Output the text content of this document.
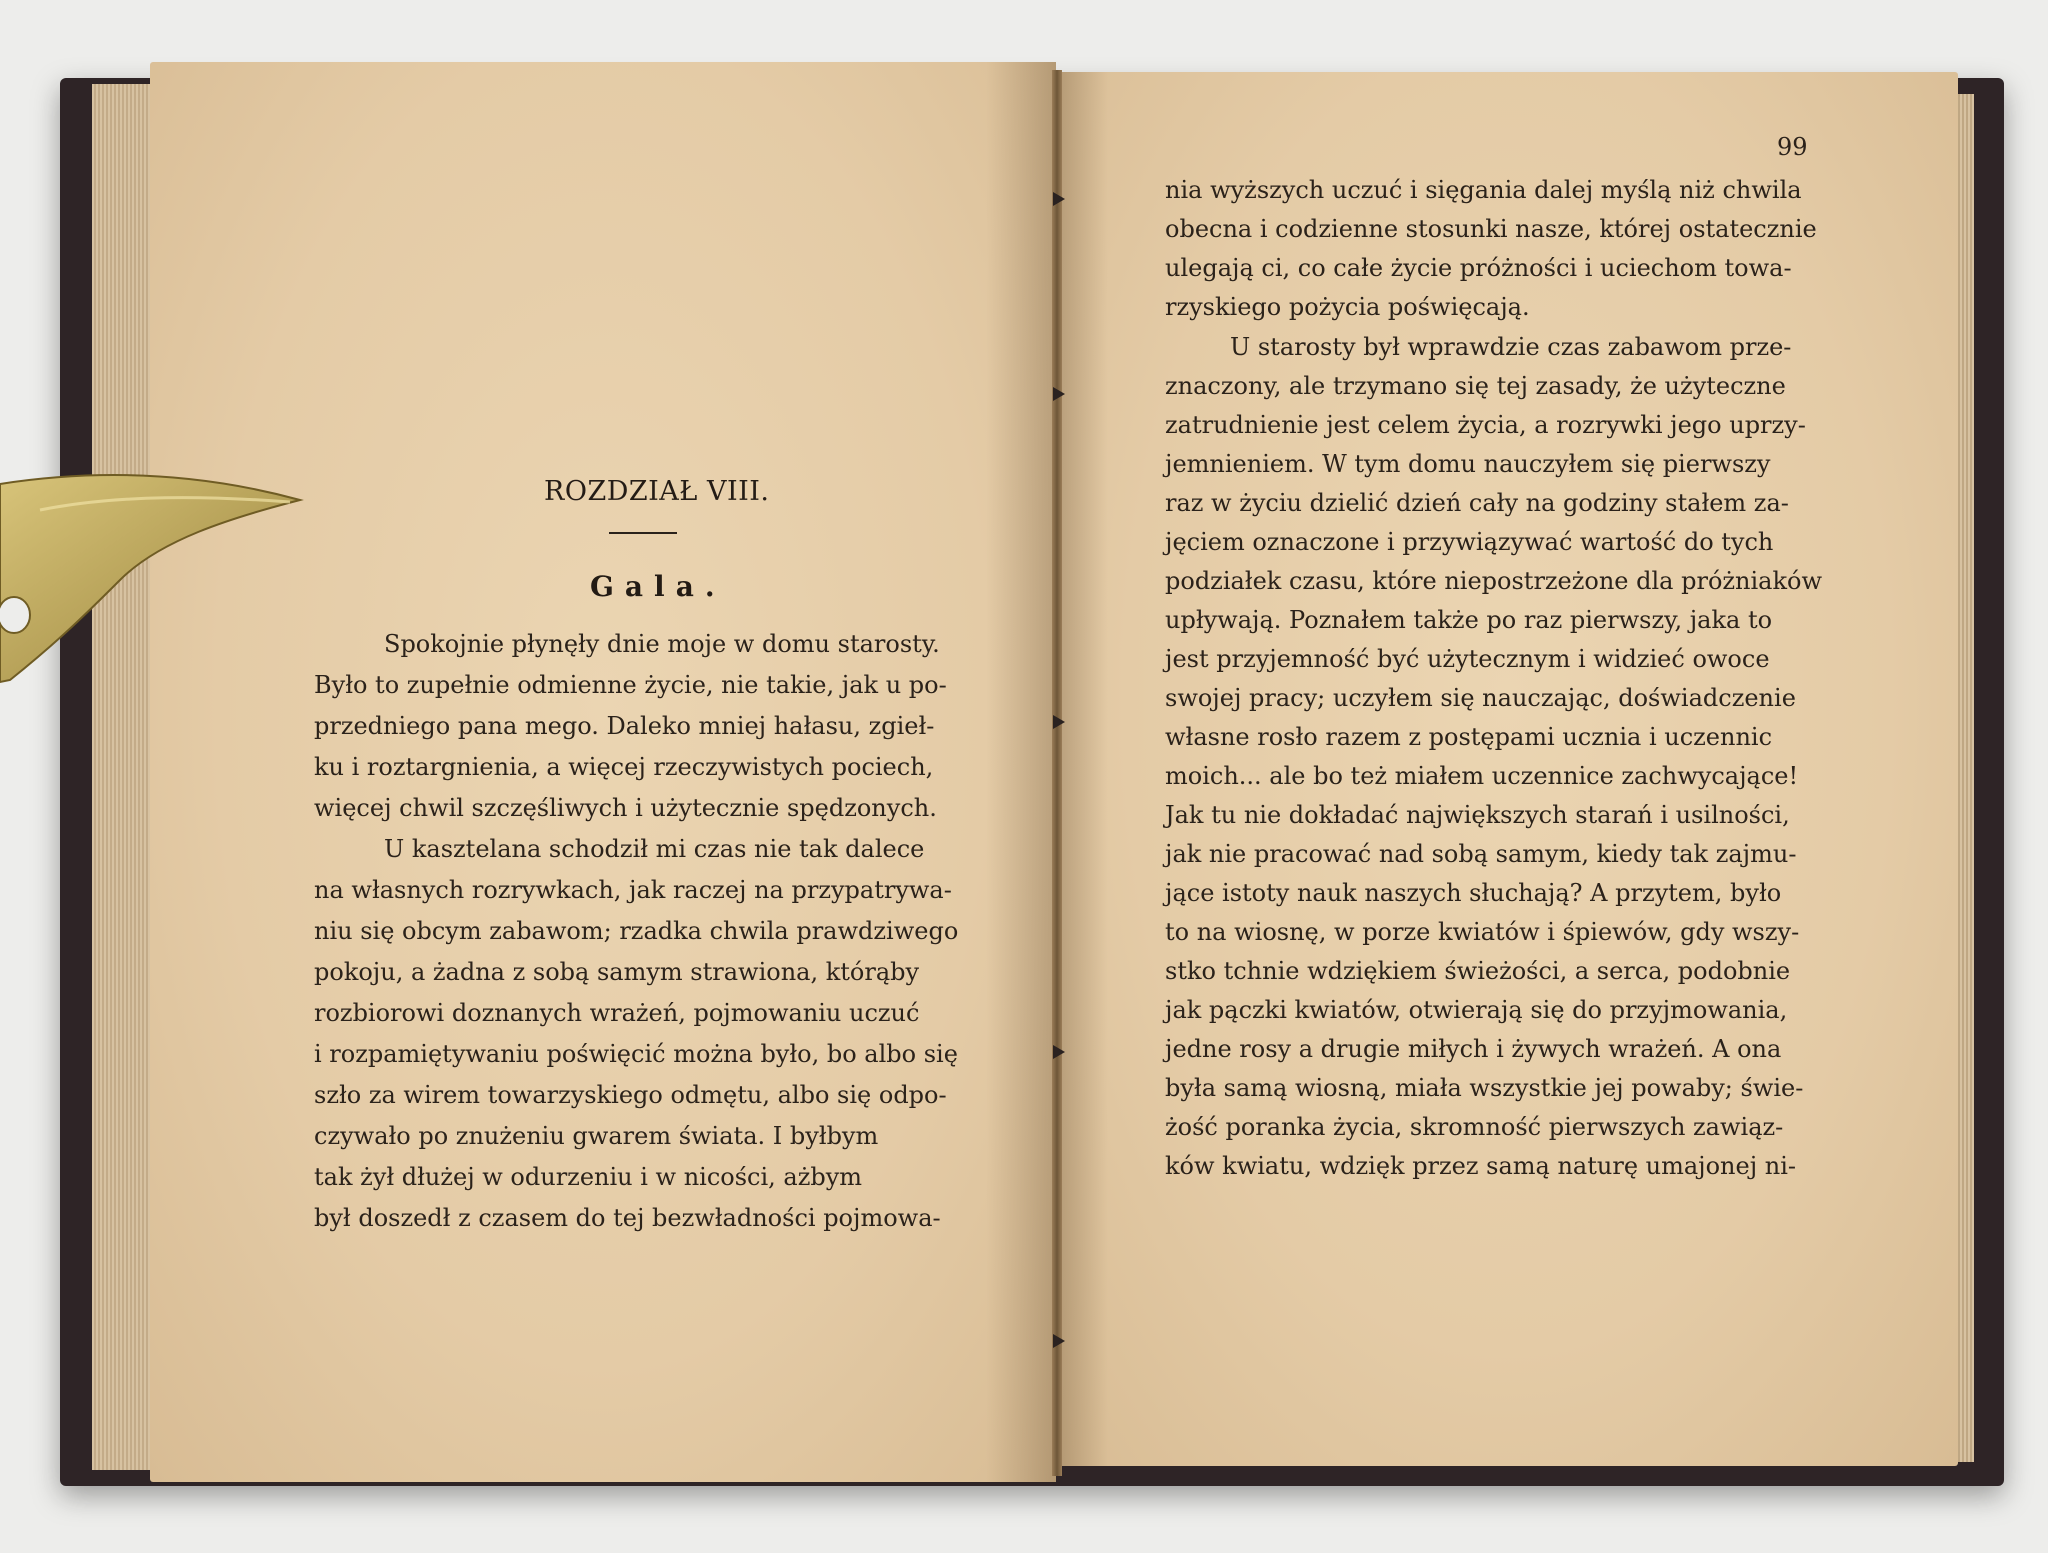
ROZDZIAŁ VIII.
Gala.
Spokojnie płynęły dnie moje w domu starosty.
Było to zupełnie odmienne życie, nie takie, jak u po-
przedniego pana mego. Daleko mniej hałasu, zgieł-
ku i roztargnienia, a więcej rzeczywistych pociech,
więcej chwil szczęśliwych i użytecznie spędzonych.
U kasztelana schodził mi czas nie tak dalece
na własnych rozrywkach, jak raczej na przypatrywa-
niu się obcym zabawom; rzadka chwila prawdziwego
pokoju, a żadna z sobą samym strawiona, którąby
rozbiorowi doznanych wrażeń, pojmowaniu uczuć
i rozpamiętywaniu poświęcić można było, bo albo się
szło za wirem towarzyskiego odmętu, albo się odpo-
czywało po znużeniu gwarem świata. I byłbym
tak żył dłużej w odurzeniu i w nicości, ażbym
był doszedł z czasem do tej bezwładności pojmowa-
99
nia wyższych uczuć i sięgania dalej myślą niż chwila
obecna i codzienne stosunki nasze, której ostatecznie
ulegają ci, co całe życie próżności i uciechom towa-
rzyskiego pożycia poświęcają.
U starosty był wprawdzie czas zabawom prze-
znaczony, ale trzymano się tej zasady, że użyteczne
zatrudnienie jest celem życia, a rozrywki jego uprzy-
jemnieniem. W tym domu nauczyłem się pierwszy
raz w życiu dzielić dzień cały na godziny stałem za-
jęciem oznaczone i przywiązywać wartość do tych
podziałek czasu, które niepostrzeżone dla próżniaków
upływają. Poznałem także po raz pierwszy, jaka to
jest przyjemność być użytecznym i widzieć owoce
swojej pracy; uczyłem się nauczając, doświadczenie
własne rosło razem z postępami ucznia i uczennic
moich... ale bo też miałem uczennice zachwycające!
Jak tu nie dokładać największych starań i usilności,
jak nie pracować nad sobą samym, kiedy tak zajmu-
jące istoty nauk naszych słuchają? A przytem, było
to na wiosnę, w porze kwiatów i śpiewów, gdy wszy-
stko tchnie wdziękiem świeżości, a serca, podobnie
jak pączki kwiatów, otwierają się do przyjmowania,
jedne rosy a drugie miłych i żywych wrażeń. A ona
była samą wiosną, miała wszystkie jej powaby; świe-
żość poranka życia, skromność pierwszych zawiąz-
ków kwiatu, wdzięk przez samą naturę umajonej ni-
